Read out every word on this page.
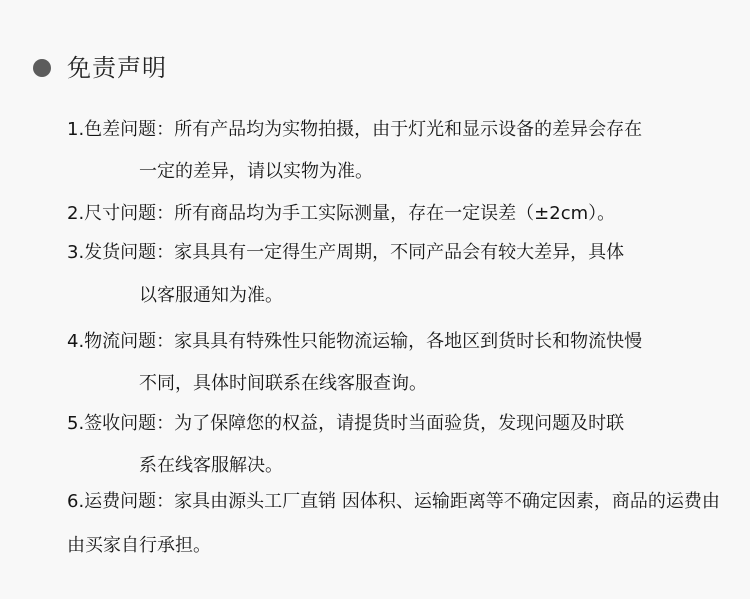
免责声明
1.色差问题：所有产品均为实物拍摄，由于灯光和显示设备的差异会存在
一定的差异，请以实物为准。
2.尺寸问题：所有商品均为手工实际测量，存在一定误差（±2cm）。
3.发货问题：家具具有一定得生产周期，不同产品会有较大差异，具体
以客服通知为准。
4.物流问题：家具具有特殊性只能物流运输，各地区到货时长和物流快慢
不同，具体时间联系在线客服查询。
5.签收问题：为了保障您的权益，请提货时当面验货，发现问题及时联
系在线客服解决。
6.运费问题：家具由源头工厂直销 因体积、运输距离等不确定因素，商品的运费由
由买家自行承担。
